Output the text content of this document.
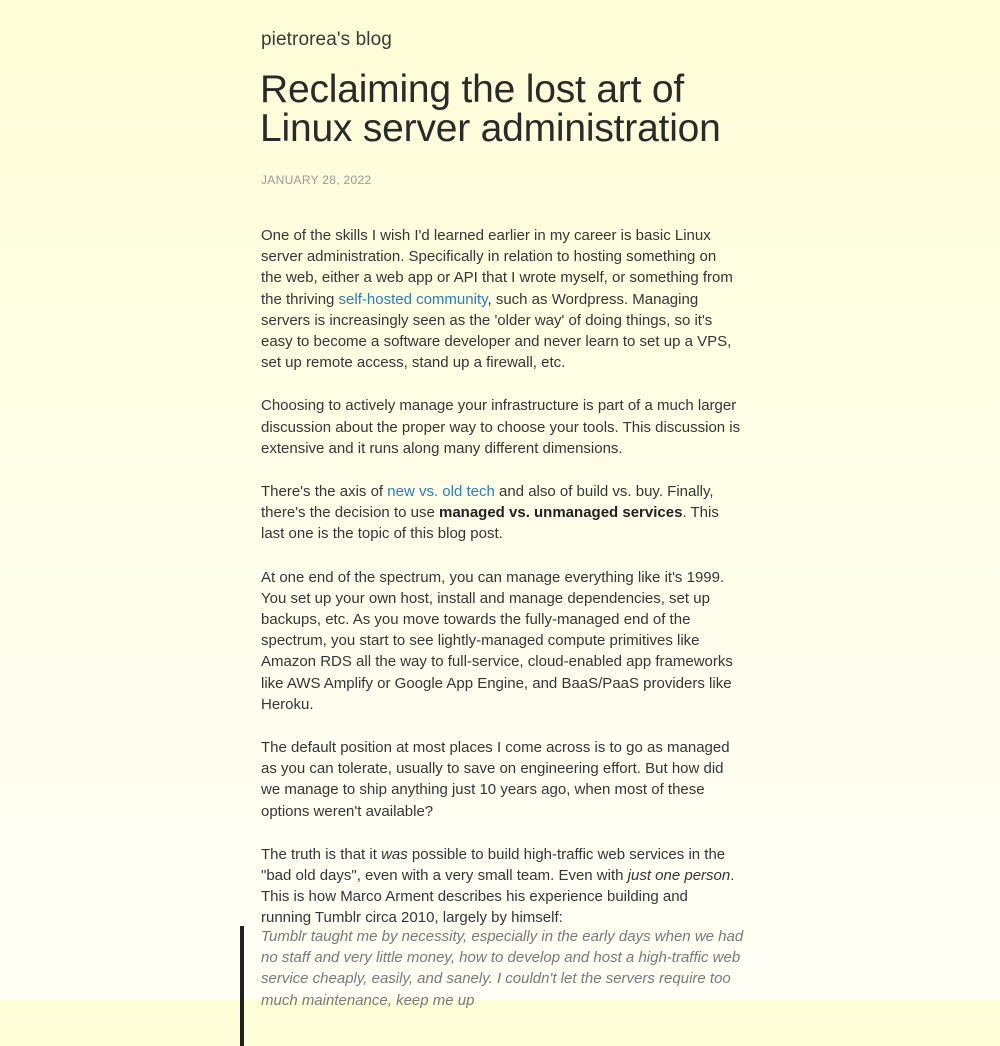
pietrorea's blog
Reclaiming the lost art of Linux server administration
JANUARY 28, 2022

One of the skills I wish I'd learned earlier in my career is basic Linux server administration. Specifically in relation to hosting something on the web, either a web app or API that I wrote myself, or something from the thriving self-hosted community, such as Wordpress. Managing servers is increasingly seen as the 'older way' of doing things, so it's easy to become a software developer and never learn to set up a VPS, set up remote access, stand up a firewall, etc.

Choosing to actively manage your infrastructure is part of a much larger discussion about the proper way to choose your tools. This discussion is extensive and it runs along many different dimensions.

There's the axis of new vs. old tech and also of build vs. buy. Finally, there's the decision to use managed vs. unmanaged services. This last one is the topic of this blog post.

At one end of the spectrum, you can manage everything like it's 1999. You set up your own host, install and manage dependencies, set up backups, etc. As you move towards the fully-managed end of the spectrum, you start to see lightly-managed compute primitives like Amazon RDS all the way to full-service, cloud-enabled app frameworks like AWS Amplify or Google App Engine, and BaaS/PaaS providers like Heroku.

The default position at most places I come across is to go as managed as you can tolerate, usually to save on engineering effort. But how did we manage to ship anything just 10 years ago, when most of these options weren't available?

The truth is that it was possible to build high-traffic web services in the "bad old days", even with a very small team. Even with just one person. This is how Marco Arment describes his experience building and running Tumblr circa 2010, largely by himself:

Tumblr taught me by necessity, especially in the early days when we had no staff and very little money, how to develop and host a high-traffic web service cheaply, easily, and sanely. I couldn't let the servers require too much maintenance, keep me up
